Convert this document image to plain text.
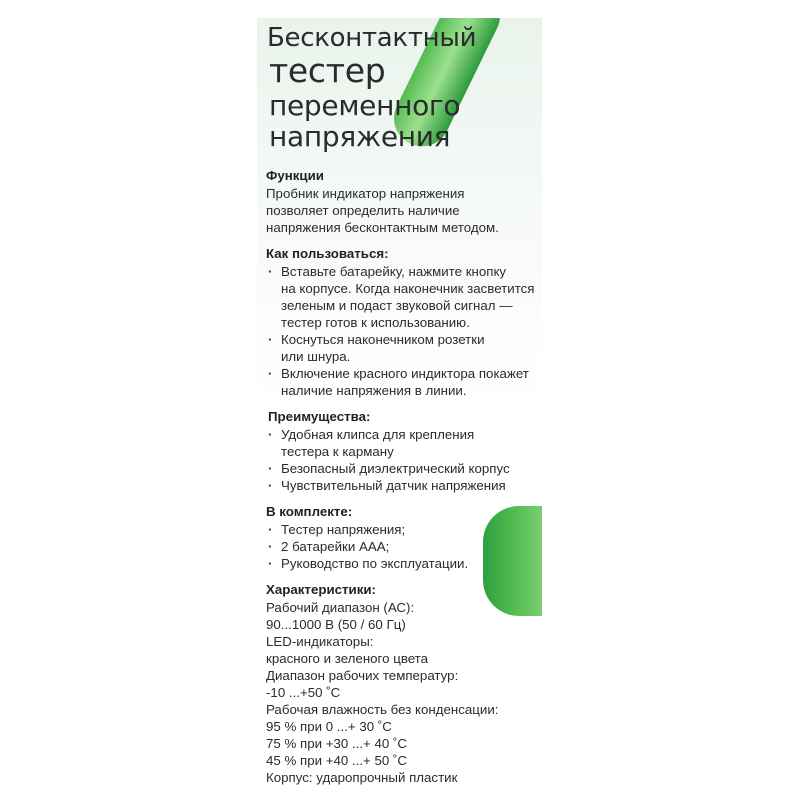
Бесконтактный
тестер
переменного
напряжения
Функции
Пробник индикатор напряжения
позволяет определить наличие
напряжения бесконтактным методом.
Как пользоваться:
· Вставьте батарейку, нажмите кнопку
на корпусе. Когда наконечник засветится
зеленым и подаст звуковой сигнал —
тестер готов к использованию.
· Коснуться наконечником розетки
или шнура.
· Включение красного индиктора покажет
наличие напряжения в линии.
Преимущества:
· Удобная клипса для крепления
тестера к карману
· Безопасный диэлектрический корпус
· Чувствительный датчик напряжения
В комплекте:
· Тестер напряжения;
· 2 батарейки ААА;
· Руководство по эксплуатации.
Характеристики:
Рабочий диапазон (АС):
90...1000 В (50 / 60 Гц)
LED-индикаторы:
красного и зеленого цвета
Диапазон рабочих температур:
-10 ...+50 ˚С
Рабочая влажность без конденсации:
95 % при 0 ...+ 30 ˚С
75 % при +30 ...+ 40 ˚С
45 % при +40 ...+ 50 ˚С
Корпус: ударопрочный пластик
